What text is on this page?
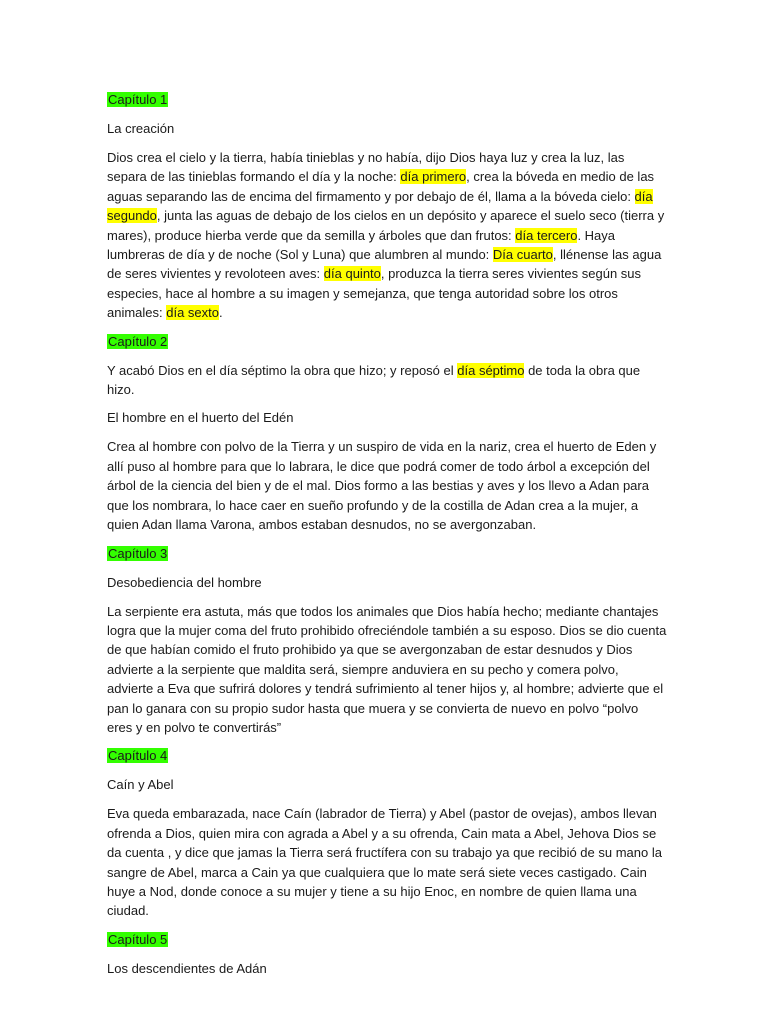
Capítulo 1
La creación
Dios crea el cielo y la tierra, había tinieblas y no había, dijo Dios haya luz y crea la luz, las separa de las tinieblas formando el día y la noche: día primero, crea la bóveda en medio de las aguas separando las de encima del firmamento y por debajo de él, llama a la bóveda cielo: día segundo, junta las aguas de debajo de los cielos en un depósito y aparece el suelo seco (tierra y mares), produce hierba verde que da semilla y árboles que dan frutos: día tercero. Haya lumbreras de día y de noche (Sol y Luna) que alumbren al mundo: Día cuarto, llénense las agua de seres vivientes y revoloteen aves: día quinto, produzca la tierra seres vivientes según sus especies, hace al hombre a su imagen y semejanza, que tenga autoridad sobre los otros animales: día sexto.
Capítulo 2
Y acabó Dios en el día séptimo la obra que hizo; y reposó el día séptimo de toda la obra que hizo.
El hombre en el huerto del Edén
Crea al hombre con polvo de la Tierra y un suspiro de vida en la nariz, crea el huerto de Eden y allí puso al hombre para que lo labrara, le dice que podrá comer de todo árbol a excepción del árbol de la ciencia del bien y de el mal. Dios formo a las bestias y aves y los llevo a Adan para que los nombrara, lo hace caer en sueño profundo y de la costilla de Adan crea a la mujer, a quien Adan llama Varona, ambos estaban desnudos, no se avergonzaban.
Capítulo 3
Desobediencia del hombre
La serpiente era astuta, más que todos los animales que Dios había hecho; mediante chantajes logra que la mujer coma del fruto prohibido ofreciéndole también a su esposo. Dios se dio cuenta de que habían comido el fruto prohibido ya que se avergonzaban de estar desnudos y Dios advierte a la serpiente que maldita será, siempre anduviera en su pecho y comera polvo, advierte a Eva que sufrirá dolores y tendrá sufrimiento al tener hijos y, al hombre; advierte que el pan lo ganara con su propio sudor hasta que muera y se convierta de nuevo en polvo “polvo eres y en polvo te convertirás”
Capítulo 4
Caín y Abel
Eva queda embarazada, nace Caín (labrador de Tierra) y Abel (pastor de ovejas), ambos llevan ofrenda a Dios, quien mira con agrada a Abel y a su ofrenda, Cain mata a Abel, Jehova Dios se da cuenta , y dice que jamas la Tierra será fructífera con su trabajo ya que recibió de su mano la sangre de Abel, marca a Cain ya que cualquiera que lo mate será siete veces castigado. Cain huye a Nod, donde conoce a su mujer y tiene a su hijo Enoc, en nombre de quien llama una ciudad.
Capítulo 5
Los descendientes de Adán
